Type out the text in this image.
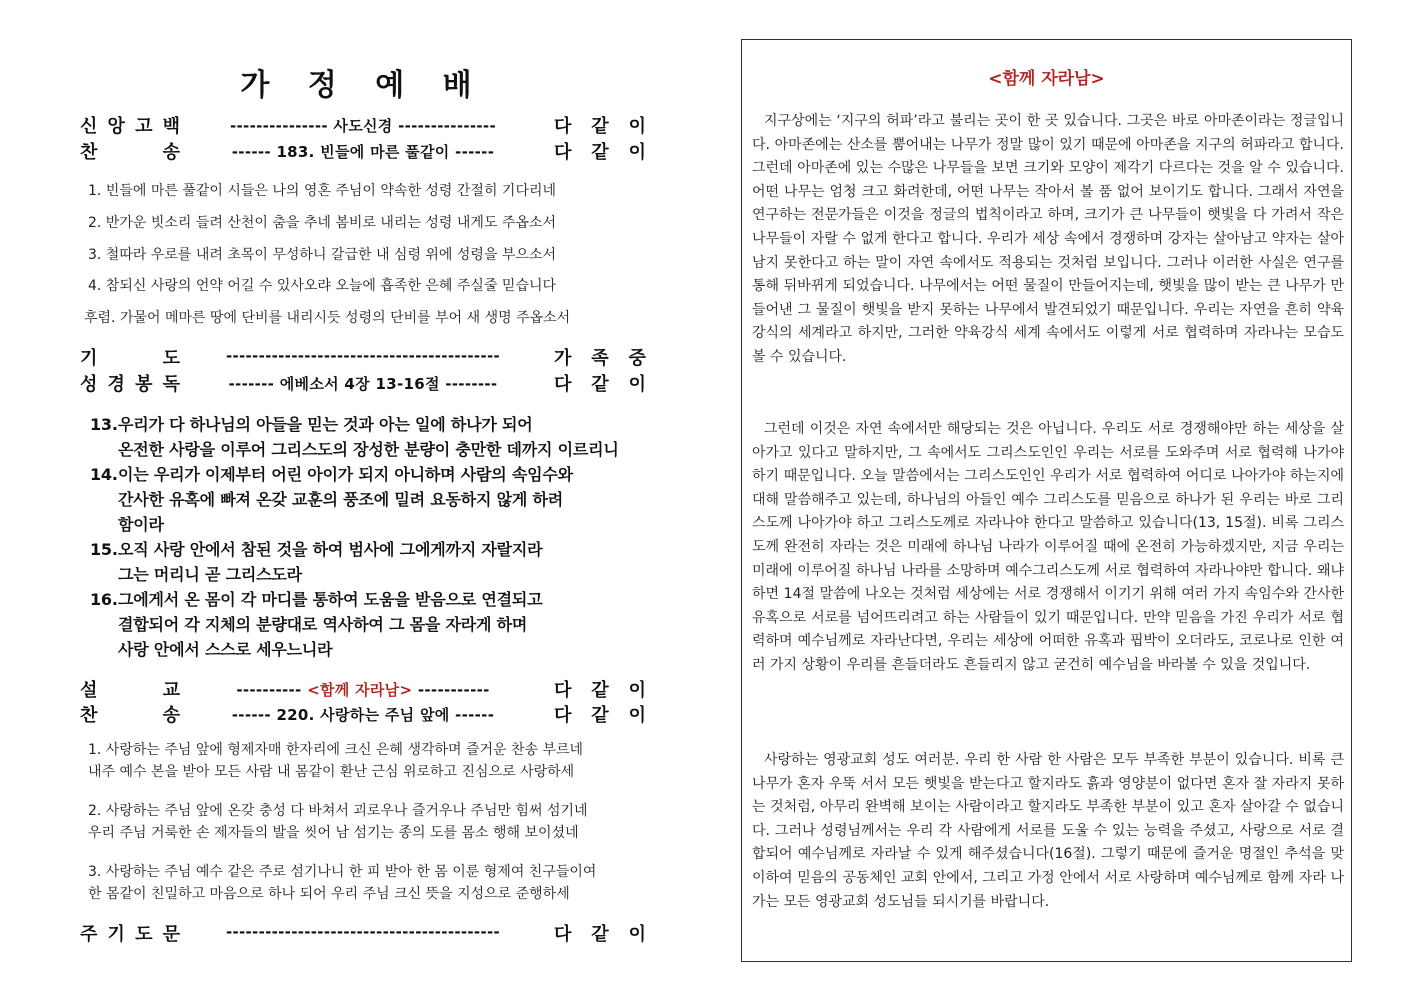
가 정 예 배
신 앙 고 백	--------------- 사도신경 ---------------	다 같 이
찬	송	------ 183. 빈들에 마른 풀같이 ------	다 같 이
1. 빈들에 마른 풀같이 시들은 나의 영혼 주님이 약속한 성령 간절히 기다리네
2. 반가운 빗소리 들려 산천이 춤을 추네 봄비로 내리는 성령 내게도 주옵소서
3. 철따라 우로를 내려 초목이 무성하니 갈급한 내 심령 위에 성령을 부으소서
4. 참되신 사랑의 언약 어길 수 있사오랴 오늘에 흡족한 은혜 주실줄 믿습니다
후렴. 가물어 메마른 땅에 단비를 내리시듯 성령의 단비를 부어 새 생명 주옵소서
기	도	------------------------------------------	가 족 중
성 경 봉 독	------- 에베소서 4장 13-16절 --------	다 같 이
13.우리가 다 하나님의 아들을 믿는 것과 아는 일에 하나가 되어
온전한 사랑을 이루어 그리스도의 장성한 분량이 충만한 데까지 이르리니
14.이는 우리가 이제부터 어린 아이가 되지 아니하며 사람의 속임수와
간사한 유혹에 빠져 온갖 교훈의 풍조에 밀려 요동하지 않게 하려
함이라
15.오직 사랑 안에서 참된 것을 하여 범사에 그에게까지 자랄지라
그는 머리니 곧 그리스도라
16.그에게서 온 몸이 각 마디를 통하여 도움을 받음으로 연결되고
결합되어 각 지체의 분량대로 역사하여 그 몸을 자라게 하며
사랑 안에서 스스로 세우느니라
설	교	---------- <함께 자라남> -----------	다 같 이
찬	송	------ 220. 사랑하는 주님 앞에 ------	다 같 이
1. 사랑하는 주님 앞에 형제자매 한자리에 크신 은혜 생각하며 즐거운 찬송 부르네
내주 예수 본을 받아 모든 사람 내 몸같이 환난 근심 위로하고 진심으로 사랑하세
2. 사랑하는 주님 앞에 온갖 충성 다 바쳐서 괴로우나 즐거우나 주님만 힘써 섬기네
우리 주님 거룩한 손 제자들의 발을 씻어 남 섬기는 종의 도를 몸소 행해 보이셨네
3. 사랑하는 주님 예수 같은 주로 섬기나니 한 피 받아 한 몸 이룬 형제여 친구들이여
한 몸같이 친밀하고 마음으로 하나 되어 우리 주님 크신 뜻을 지성으로 준행하세
주 기 도 문	------------------------------------------	다 같 이
<함께 자라남>

지구상에는 ‘지구의 허파’라고 불리는 곳이 한 곳 있습니다. 그곳은 바로 아마존이라는 정글입니다. 아마존에는 산소를 뿜어내는 나무가 정말 많이 있기 때문에 아마존을 지구의 허파라고 합니다. 그런데 아마존에 있는 수많은 나무들을 보면 크기와 모양이 제각기 다르다는 것을 알 수 있습니다. 어떤 나무는 엄청 크고 화려한데, 어떤 나무는 작아서 볼 품 없어 보이기도 합니다. 그래서 자연을 연구하는 전문가들은 이것을 정글의 법칙이라고 하며, 크기가 큰 나무들이 햇빛을 다 가려서 작은 나무들이 자랄 수 없게 한다고 합니다. 우리가 세상 속에서 경쟁하며 강자는 살아남고 약자는 살아남지 못한다고 하는 말이 자연 속에서도 적용되는 것처럼 보입니다. 그러나 이러한 사실은 연구를 통해 뒤바뀌게 되었습니다. 나무에서는 어떤 물질이 만들어지는데, 햇빛을 많이 받는 큰 나무가 만들어낸 그 물질이 햇빛을 받지 못하는 나무에서 발견되었기 때문입니다. 우리는 자연을 흔히 약육강식의 세계라고 하지만, 그러한 약육강식 세계 속에서도 이렇게 서로 협력하며 자라나는 모습도 볼 수 있습니다.

그런데 이것은 자연 속에서만 해당되는 것은 아닙니다. 우리도 서로 경쟁해야만 하는 세상을 살아가고 있다고 말하지만, 그 속에서도 그리스도인인 우리는 서로를 도와주며 서로 협력해 나가야 하기 때문입니다. 오늘 말씀에서는 그리스도인인 우리가 서로 협력하여 어디로 나아가야 하는지에 대해 말씀해주고 있는데, 하나님의 아들인 예수 그리스도를 믿음으로 하나가 된 우리는 바로 그리스도께 나아가야 하고 그리스도께로 자라나야 한다고 말씀하고 있습니다(13, 15절). 비록 그리스도께 완전히 자라는 것은 미래에 하나님 나라가 이루어질 때에 온전히 가능하겠지만, 지금 우리는 미래에 이루어질 하나님 나라를 소망하며 예수그리스도께 서로 협력하여 자라나야만 합니다. 왜냐하면 14절 말씀에 나오는 것처럼 세상에는 서로 경쟁해서 이기기 위해 여러 가지 속임수와 간사한 유혹으로 서로를 넘어뜨리려고 하는 사람들이 있기 때문입니다. 만약 믿음을 가진 우리가 서로 협력하며 예수님께로 자라난다면, 우리는 세상에 어떠한 유혹과 핍박이 오더라도, 코로나로 인한 여러 가지 상황이 우리를 흔들더라도 흔들리지 않고 굳건히 예수님을 바라볼 수 있을 것입니다.

사랑하는 영광교회 성도 여러분. 우리 한 사람 한 사람은 모두 부족한 부분이 있습니다. 비록 큰 나무가 혼자 우뚝 서서 모든 햇빛을 받는다고 할지라도 흙과 영양분이 없다면 혼자 잘 자라지 못하는 것처럼, 아무리 완벽해 보이는 사람이라고 할지라도 부족한 부분이 있고 혼자 살아갈 수 없습니다. 그러나 성령님께서는 우리 각 사람에게 서로를 도울 수 있는 능력을 주셨고, 사랑으로 서로 결합되어 예수님께로 자라날 수 있게 해주셨습니다(16절). 그렇기 때문에 즐거운 명절인 추석을 맞이하여 믿음의 공동체인 교회 안에서, 그리고 가정 안에서 서로 사랑하며 예수님께로 함께 자라 나가는 모든 영광교회 성도님들 되시기를 바랍니다.
